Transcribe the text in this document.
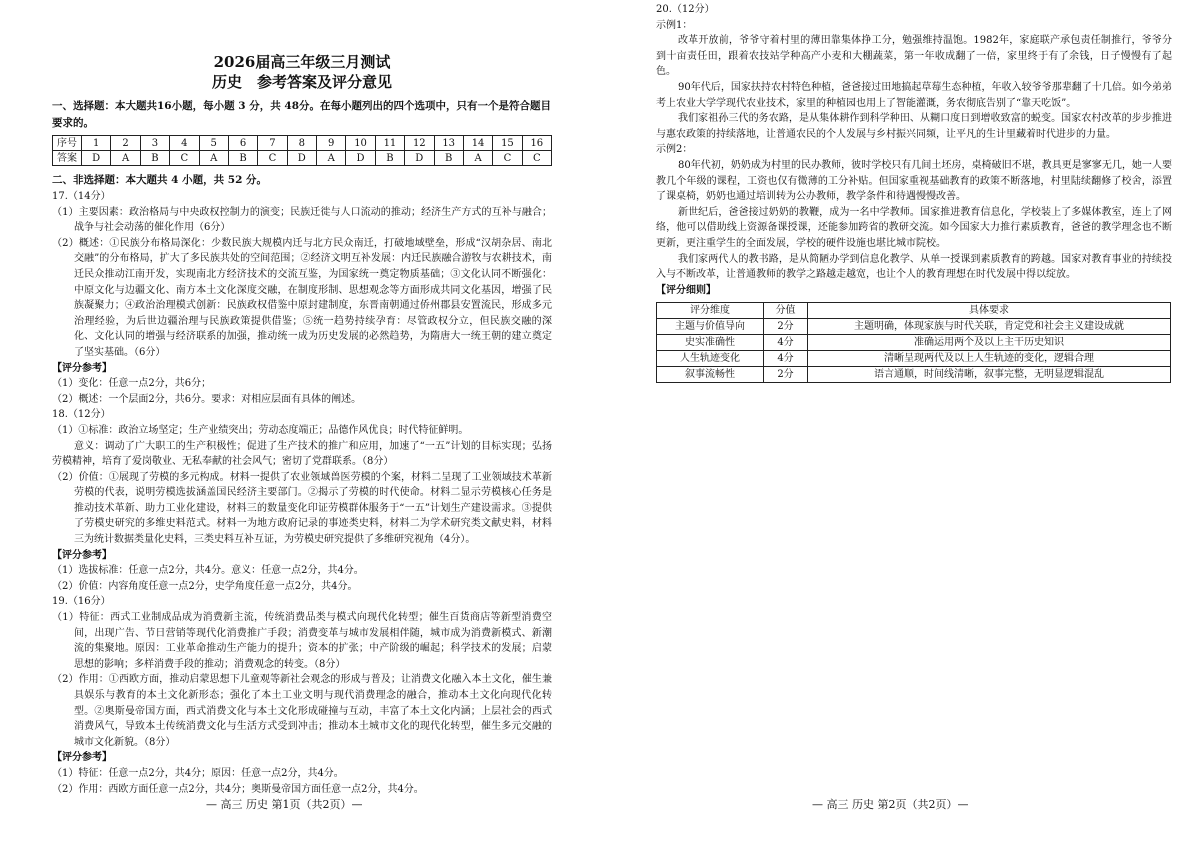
2026届高三年级三月测试
历史　参考答案及评分意见
一、选择题：本大题共16小题，每小题 3 分，共 48分。在每小题列出的四个选项中，只有一个是符合题目要求的。
序号	1	2	3	4	5	6	7	8	9	10	11	12	13	14	15	16
答案	D	A	B	C	A	B	C	D	A	D	B	D	B	A	C	C
二、非选择题：本大题共 4 小题，共 52 分。
17.（14分）
（1）主要因素：政治格局与中央政权控制力的演变；民族迁徙与人口流动的推动；经济生产方式的互补与融合；战争与社会动荡的催化作用（6分）
（2）概述：①民族分布格局深化：少数民族大规模内迁与北方民众南迁，打破地域壁垒，形成“汉胡杂居、南北交融”的分布格局，扩大了多民族共处的空间范围；②经济文明互补发展：内迁民族融合游牧与农耕技术，南迁民众推动江南开发，实现南北方经济技术的交流互鉴，为国家统一奠定物质基础；③文化认同不断强化：中原文化与边疆文化、南方本土文化深度交融，在制度形制、思想观念等方面形成共同文化基因，增强了民族凝聚力；④政治治理模式创新：民族政权借鉴中原封建制度，东晋南朝通过侨州郡县安置流民，形成多元治理经验，为后世边疆治理与民族政策提供借鉴；⑤统一趋势持续孕育：尽管政权分立，但民族交融的深化、文化认同的增强与经济联系的加强，推动统一成为历史发展的必然趋势，为隋唐大一统王朝的建立奠定了坚实基础。（6分）
【评分参考】
（1）变化：任意一点2分，共6分；
（2）概述：一个层面2分，共6分。要求：对相应层面有具体的阐述。
18.（12分）
（1）①标准：政治立场坚定；生产业绩突出；劳动态度端正；品德作风优良；时代特征鲜明。
意义：调动了广大职工的生产积极性；促进了生产技术的推广和应用，加速了“一五”计划的目标实现；弘扬劳模精神，培育了爱岗敬业、无私奉献的社会风气；密切了党群联系。（8分）
（2）价值：①展现了劳模的多元构成。材料一提供了农业领域兽医劳模的个案，材料二呈现了工业领域技术革新劳模的代表，说明劳模选拔涵盖国民经济主要部门。②揭示了劳模的时代使命。材料二显示劳模核心任务是推动技术革新、助力工业化建设，材料三的数量变化印证劳模群体服务于“一五”计划生产建设需求。③提供了劳模史研究的多维史料范式。材料一为地方政府记录的事迹类史料，材料二为学术研究类文献史料，材料三为统计数据类量化史料，三类史料互补互证，为劳模史研究提供了多维研究视角（4分）。
【评分参考】
（1）选拔标准：任意一点2分，共4分。意义：任意一点2分，共4分。
（2）价值：内容角度任意一点2分，史学角度任意一点2分，共4分。
19.（16分）
（1）特征：西式工业制成品成为消费新主流，传统消费品类与模式向现代化转型；催生百货商店等新型消费空间，出现广告、节日营销等现代化消费推广手段；消费变革与城市发展相伴随，城市成为消费新模式、新潮流的集聚地。原因：工业革命推动生产能力的提升；资本的扩张；中产阶级的崛起；科学技术的发展；启蒙思想的影响；多样消费手段的推动；消费观念的转变。（8分）
（2）作用：①西欧方面，推动启蒙思想下儿童观等新社会观念的形成与普及；让消费文化融入本土文化，催生兼具娱乐与教育的本土文化新形态；强化了本土工业文明与现代消费理念的融合，推动本土文化向现代化转型。②奥斯曼帝国方面，西式消费文化与本土文化形成碰撞与互动，丰富了本土文化内涵；上层社会的西式消费风气，导致本土传统消费文化与生活方式受到冲击；推动本土城市文化的现代化转型，催生多元交融的城市文化新貌。（8分）
【评分参考】
（1）特征：任意一点2分，共4分；原因：任意一点2分，共4分。
（2）作用：西欧方面任意一点2分，共4分；奥斯曼帝国方面任意一点2分，共4分。
— 高三 历史 第1页（共2页）—
20.（12分）
示例1：
改革开放前，爷爷守着村里的薄田靠集体挣工分，勉强维持温饱。1982年，家庭联产承包责任制推行，爷爷分到十亩责任田，跟着农技站学种高产小麦和大棚蔬菜，第一年收成翻了一倍，家里终于有了余钱，日子慢慢有了起色。
90年代后，国家扶持农村特色种植，爸爸接过田地搞起草莓生态种植，年收入较爷爷那辈翻了十几倍。如今弟弟考上农业大学学现代农业技术，家里的种植园也用上了智能灌溉，务农彻底告别了“靠天吃饭”。
我们家祖孙三代的务农路，是从集体耕作到科学种田、从糊口度日到增收致富的蜕变。国家农村改革的步步推进与惠农政策的持续落地，让普通农民的个人发展与乡村振兴同频，让平凡的生计里藏着时代进步的力量。
示例2：
80年代初，奶奶成为村里的民办教师，彼时学校只有几间土坯房，桌椅破旧不堪，教具更是寥寥无几，她一人要教几个年级的课程，工资也仅有微薄的工分补贴。但国家重视基础教育的政策不断落地，村里陆续翻修了校舍，添置了课桌椅，奶奶也通过培训转为公办教师，教学条件和待遇慢慢改善。
新世纪后，爸爸接过奶奶的教鞭，成为一名中学教师。国家推进教育信息化，学校装上了多媒体教室，连上了网络，他可以借助线上资源备课授课，还能参加跨省的教研交流。如今国家大力推行素质教育，爸爸的教学理念也不断更新，更注重学生的全面发展，学校的硬件设施也堪比城市院校。
我们家两代人的教书路，是从简陋办学到信息化教学、从单一授课到素质教育的跨越。国家对教育事业的持续投入与不断改革，让普通教师的教学之路越走越宽，也让个人的教育理想在时代发展中得以绽放。
【评分细则】
评分维度	分值	具体要求
主题与价值导向	2分	主题明确，体现家族与时代关联，肯定党和社会主义建设成就
史实准确性	4分	准确运用两个及以上主干历史知识
人生轨迹变化	4分	清晰呈现两代及以上人生轨迹的变化，逻辑合理
叙事流畅性	2分	语言通顺，时间线清晰，叙事完整，无明显逻辑混乱
— 高三 历史 第2页（共2页）—
